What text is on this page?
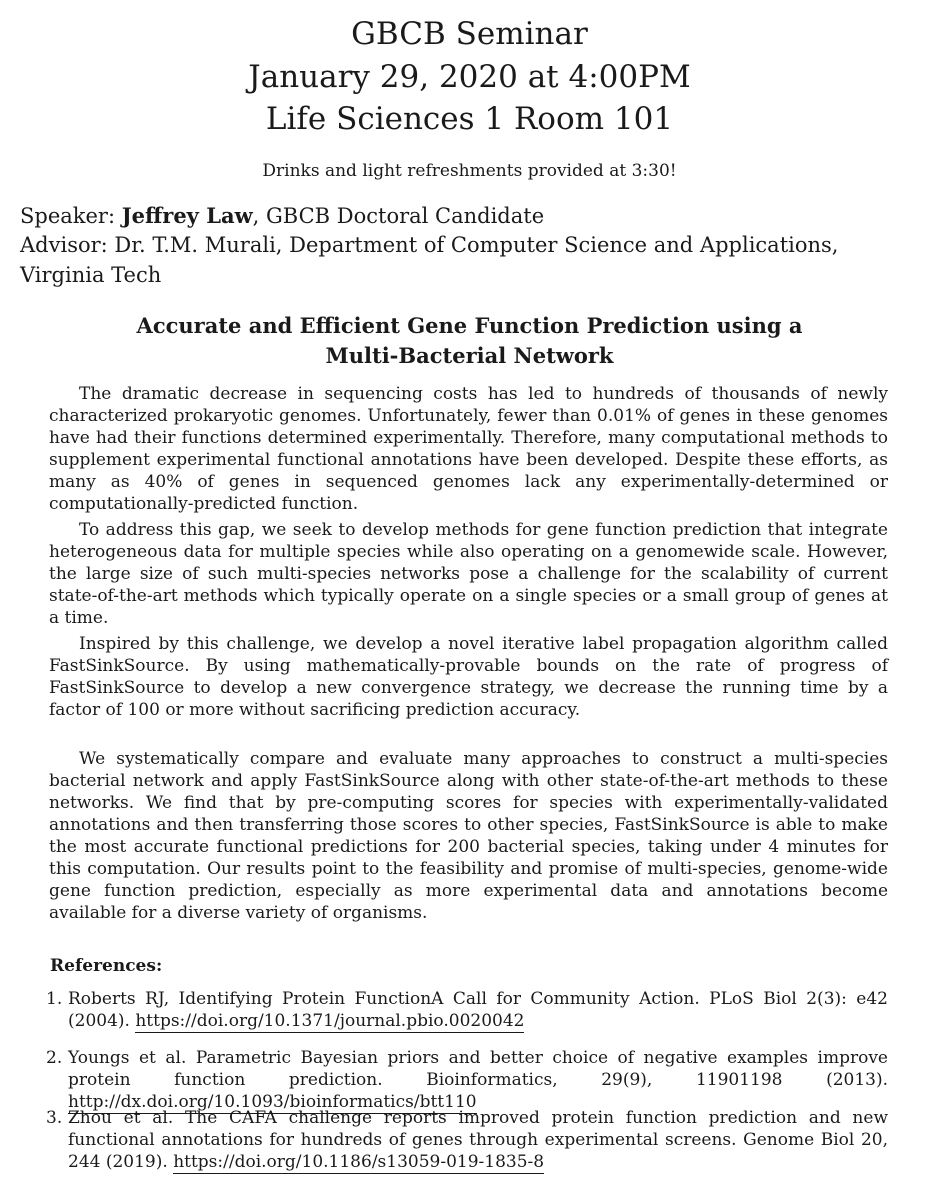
GBCB Seminar
January 29, 2020 at 4:00PM
Life Sciences 1 Room 101
Drinks and light refreshments provided at 3:30!
Speaker: Jeffrey Law, GBCB Doctoral Candidate
Advisor: Dr. T.M. Murali, Department of Computer Science and Applications,
Virginia Tech
Accurate and Efficient Gene Function Prediction using a
Multi-Bacterial Network

The dramatic decrease in sequencing costs has led to hundreds of thousands of newly characterized prokaryotic genomes. Unfortunately, fewer than 0.01% of genes in these genomes have had their functions determined experimentally. Therefore, many computational methods to supplement experimental functional annotations have been developed. Despite these efforts, as many as 40% of genes in sequenced genomes lack any experimentally-determined or computationally-predicted function.

To address this gap, we seek to develop methods for gene function prediction that integrate heterogeneous data for multiple species while also operating on a genomewide scale. However, the large size of such multi-species networks pose a challenge for the scalability of current state-of-the-art methods which typically operate on a single species or a small group of genes at a time.

Inspired by this challenge, we develop a novel iterative label propagation algorithm called FastSinkSource. By using mathematically-provable bounds on the rate of progress of FastSinkSource to develop a new convergence strategy, we decrease the running time by a factor of 100 or more without sacrificing prediction accuracy.

We systematically compare and evaluate many approaches to construct a multi-species bacterial network and apply FastSinkSource along with other state-of-the-art methods to these networks. We find that by pre-computing scores for species with experimentally-validated annotations and then transferring those scores to other species, FastSinkSource is able to make the most accurate functional predictions for 200 bacterial species, taking under 4 minutes for this computation. Our results point to the feasibility and promise of multi-species, genome-wide gene function prediction, especially as more experimental data and annotations become available for a diverse variety of organisms.

References:
1. Roberts RJ, Identifying Protein FunctionA Call for Community Action. PLoS Biol 2(3): e42 (2004). https://doi.org/10.1371/journal.pbio.0020042
2. Youngs et al. Parametric Bayesian priors and better choice of negative examples improve protein function prediction. Bioinformatics, 29(9), 11901198 (2013). http://dx.doi.org/10.1093/bioinformatics/btt110
3. Zhou et al. The CAFA challenge reports improved protein function prediction and new functional annotations for hundreds of genes through experimental screens. Genome Biol 20, 244 (2019). https://doi.org/10.1186/s13059-019-1835-8
